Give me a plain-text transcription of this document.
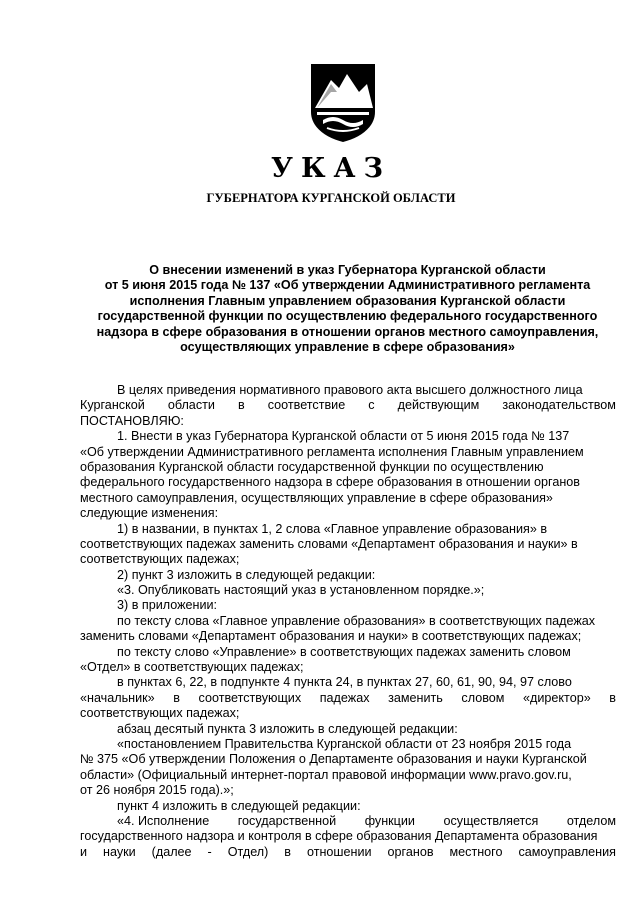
УКАЗ
ГУБЕРНАТОРА КУРГАНСКОЙ ОБЛАСТИ
О внесении изменений в указ Губернатора Курганской области
от 5 июня 2015 года № 137 «Об утверждении Административного регламента
исполнения Главным управлением образования Курганской области
государственной функции по осуществлению федерального государственного
надзора в сфере образования в отношении органов местного самоуправления,
осуществляющих управление в сфере образования»
В целях приведения нормативного правового акта высшего должностного лица
Курганской области в соответствие с действующим законодательством
ПОСТАНОВЛЯЮ:
1. Внести в указ Губернатора Курганской области от 5 июня 2015 года № 137
«Об утверждении Административного регламента исполнения Главным управлением
образования Курганской области государственной функции по осуществлению
федерального государственного надзора в сфере образования в отношении органов
местного самоуправления, осуществляющих управление в сфере образования»
следующие изменения:
1) в названии, в пунктах 1, 2 слова «Главное управление образования» в
соответствующих падежах заменить словами «Департамент образования и науки» в
соответствующих падежах;
2) пункт 3 изложить в следующей редакции:
«3. Опубликовать настоящий указ в установленном порядке.»;
3) в приложении:
по тексту слова «Главное управление образования» в соответствующих падежах
заменить словами «Департамент образования и науки» в соответствующих падежах;
по тексту слово «Управление» в соответствующих падежах заменить словом
«Отдел» в соответствующих падежах;
в пунктах 6, 22, в подпункте 4 пункта 24, в пунктах 27, 60, 61, 90, 94, 97 слово
«начальник» в соответствующих падежах заменить словом «директор» в
соответствующих падежах;
абзац десятый пункта 3 изложить в следующей редакции:
«постановлением Правительства Курганской области от 23 ноября 2015 года
№ 375 «Об утверждении Положения о Департаменте образования и науки Курганской
области» (Официальный интернет-портал правовой информации www.pravo.gov.ru,
от 26 ноября 2015 года).»;
пункт 4 изложить в следующей редакции:
«4. Исполнение государственной функции осуществляется отделом
государственного надзора и контроля в сфере образования Департамента образования
и науки (далее - Отдел) в отношении органов местного самоуправления
